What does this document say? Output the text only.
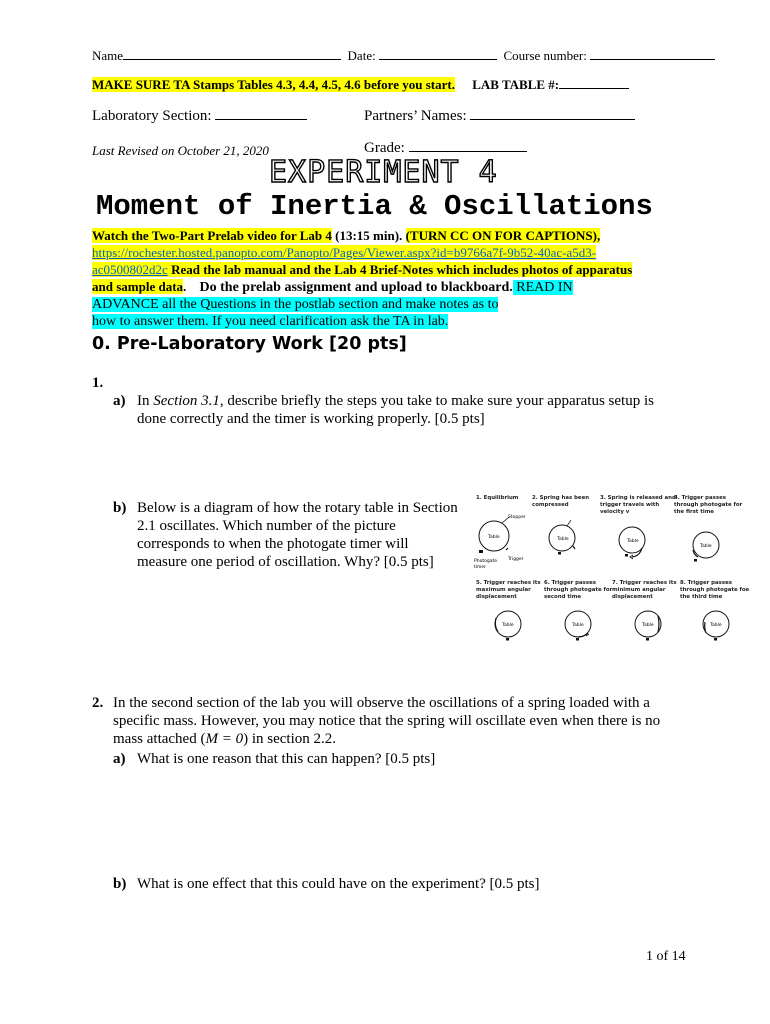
Name	Date:	Course number:
MAKE SURE TA Stamps Tables 4.3, 4.4, 4.5, 4.6 before you start. LAB TABLE #:
Laboratory Section:	Partners’ Names:
Last Revised on October 21, 2020	Grade:
EXPERIMENT 4
Moment of Inertia & Oscillations
Watch the Two-Part Prelab video for Lab 4 (13:15 min). (TURN CC ON FOR CAPTIONS),
https://rochester.hosted.panopto.com/Panopto/Pages/Viewer.aspx?id=b9766a7f-9b52-40ac-a5d3-
ac0500802d2c Read the lab manual and the Lab 4 Brief-Notes which includes photos of apparatus
and sample data. Do the prelab assignment and upload to blackboard. READ IN
ADVANCE all the Questions in the postlab section and make notes as to
how to answer them. If you need clarification ask the TA in lab.
0. Pre-Laboratory Work [20 pts]
1.
a) In Section 3.1, describe briefly the steps you take to make sure your apparatus setup is
done correctly and the timer is working properly. [0.5 pts]
b) Below is a diagram of how the rotary table in Section
2.1 oscillates. Which number of the picture
corresponds to when the photogate timer will
measure one period of oscillation. Why? [0.5 pts]
1. Equilibrium	2. Spring has been
compressed
3. Spring is released and
trigger travels with
velocity v
4. Trigger passes
through photogate for
the first time
5. Trigger reaches its
maximum angular
displacement
6. Trigger passes
through photogate for
second time
7. Trigger reaches its
minimum angular
displacement
8. Trigger passes
through photogate foe
the third time
Table
Stopper
Photogate
timer
Trigger
Table	Table
Table
Table	Table	Table	Table
2. In the second section of the lab you will observe the oscillations of a spring loaded with a
specific mass. However, you may notice that the spring will oscillate even when there is no
mass attached (M = 0) in section 2.2.
a) What is one reason that this can happen? [0.5 pts]
b) What is one effect that this could have on the experiment? [0.5 pts]
1 of 14
